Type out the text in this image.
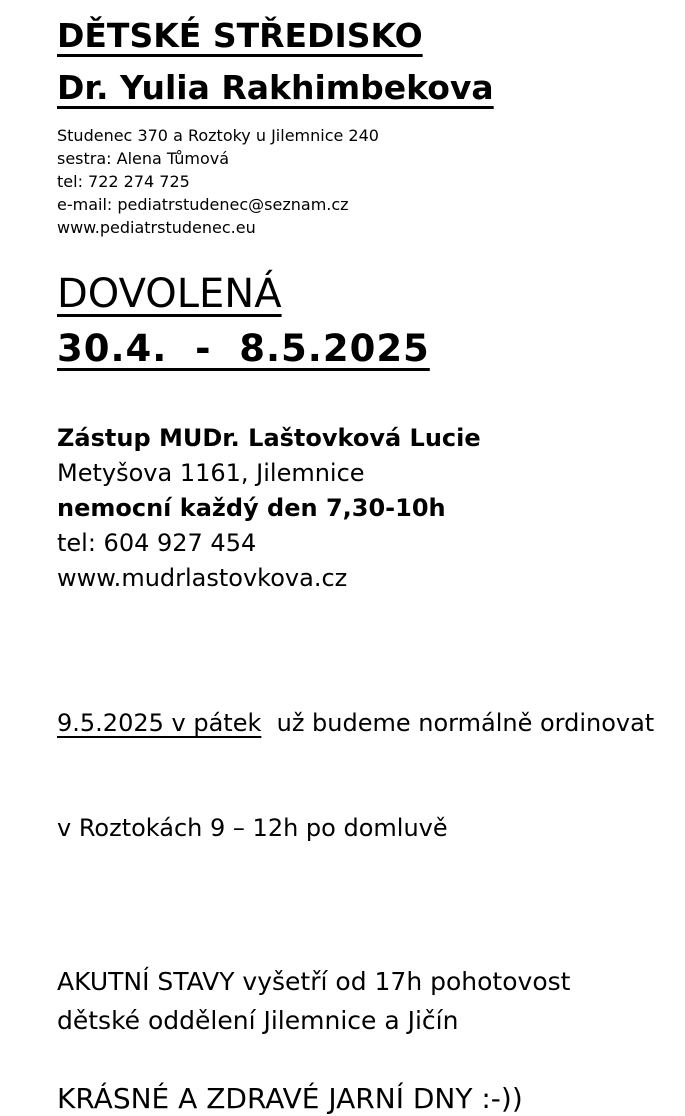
DĚTSKÉ STŘEDISKO
Dr. Yulia Rakhimbekova
Studenec 370 a Roztoky u Jilemnice 240
sestra: Alena Tůmová
tel: 722 274 725
e-mail: pediatrstudenec@seznam.cz
www.pediatrstudenec.eu
DOVOLENÁ
30.4.  -  8.5.2025
Zástup MUDr. Laštovková Lucie
Metyšova 1161, Jilemnice
nemocní každý den 7,30-10h
tel: 604 927 454
www.mudrlastovkova.cz

9.5.2025 v pátek  už budeme normálně ordinovat

v Roztokách 9 – 12h po domluvě

AKUTNÍ STAVY vyšetří od 17h pohotovost
dětské oddělení Jilemnice a Jičín
KRÁSNÉ A ZDRAVÉ JARNÍ DNY :-))
